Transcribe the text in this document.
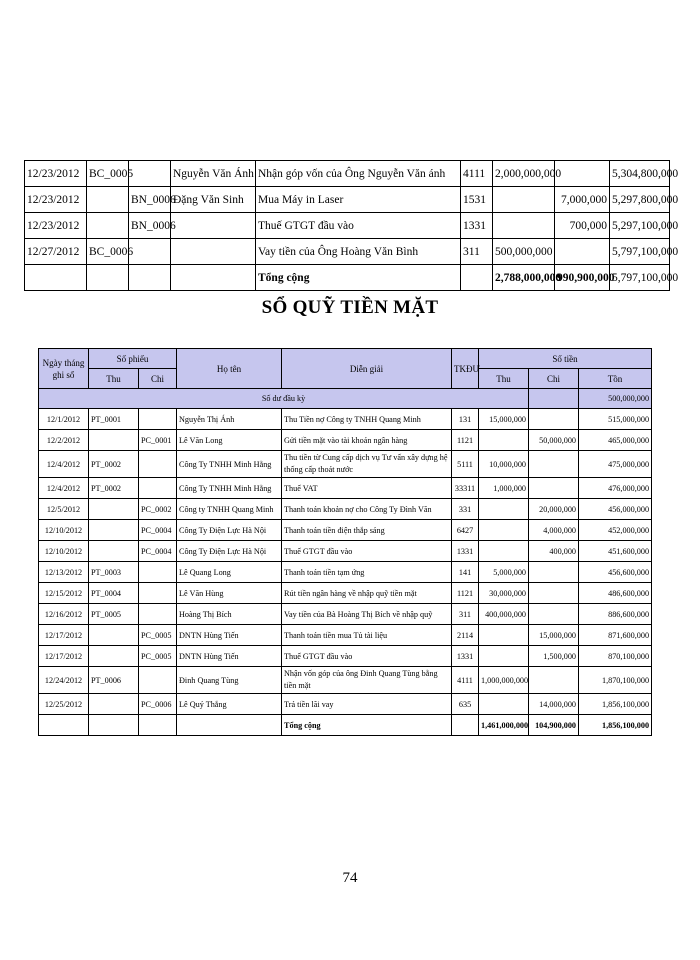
12/23/2012	BC_0005		Nguyễn Văn Ánh	Nhận góp vốn của Ông Nguyễn Văn ánh	4111	2,000,000,000		5,304,800,000
12/23/2012		BN_0006	Đặng Văn Sinh	Mua Máy in Laser	1531		7,000,000	5,297,800,000
12/23/2012		BN_0006		Thuế GTGT đầu vào	1331		700,000	5,297,100,000
12/27/2012	BC_0006			Vay tiền của Ông Hoàng Văn Bình	311	500,000,000		5,797,100,000
				Tổng cộng		2,788,000,000	990,900,000	5,797,100,000
SỔ QUỸ TIỀN MẶT
Ngày tháng ghi sổ	Số phiếu		Họ tên	Diễn giải	TKĐƯ	Số tiền		
	Thu	Chi				Thu	Chi	Tồn
Số dư đầu kỳ								500,000,000
12/1/2012	PT_0001		Nguyễn Thị Ánh	Thu Tiền nợ Công ty TNHH Quang Minh	131	15,000,000		515,000,000
12/2/2012		PC_0001	Lê Văn Long	Gửi tiền mặt vào tài khoản ngân hàng	1121		50,000,000	465,000,000
12/4/2012	PT_0002		Công Ty TNHH Minh Hằng	Thu tiền từ Cung cấp dịch vụ Tư vấn xây dựng hệ thống cấp thoát nước	5111	10,000,000		475,000,000
12/4/2012	PT_0002		Công Ty TNHH Minh Hằng	Thuế VAT	33311	1,000,000		476,000,000
12/5/2012		PC_0002	Công ty TNHH Quang Minh	Thanh toán khoản nợ cho Công Ty Đình Văn	331		20,000,000	456,000,000
12/10/2012		PC_0004	Công Ty Điện Lực Hà Nội	Thanh toán tiền điện thắp sáng	6427		4,000,000	452,000,000
12/10/2012		PC_0004	Công Ty Điện Lực Hà Nội	Thuế GTGT đầu vào	1331		400,000	451,600,000
12/13/2012	PT_0003		Lê Quang Long	Thanh toán tiền tạm ứng	141	5,000,000		456,600,000
12/15/2012	PT_0004		Lê Văn Hùng	Rút tiền ngân hàng về nhập quỹ tiền mặt	1121	30,000,000		486,600,000
12/16/2012	PT_0005		Hoàng Thị Bích	Vay tiền của Bà Hoàng Thị Bích về nhập quỹ	311	400,000,000		886,600,000
12/17/2012		PC_0005	DNTN Hùng Tiến	Thanh toán tiền mua Tủ tài liệu	2114		15,000,000	871,600,000
12/17/2012		PC_0005	DNTN Hùng Tiến	Thuế GTGT đầu vào	1331		1,500,000	870,100,000
12/24/2012	PT_0006		Đinh Quang Tùng	Nhận vốn góp của ông Đinh Quang Tùng bằng tiền mặt	4111	1,000,000,000		1,870,100,000
12/25/2012		PC_0006	Lê Quý Thắng	Trả tiền lãi vay	635		14,000,000	1,856,100,000
				Tổng cộng		1,461,000,000	104,900,000	1,856,100,000
74
